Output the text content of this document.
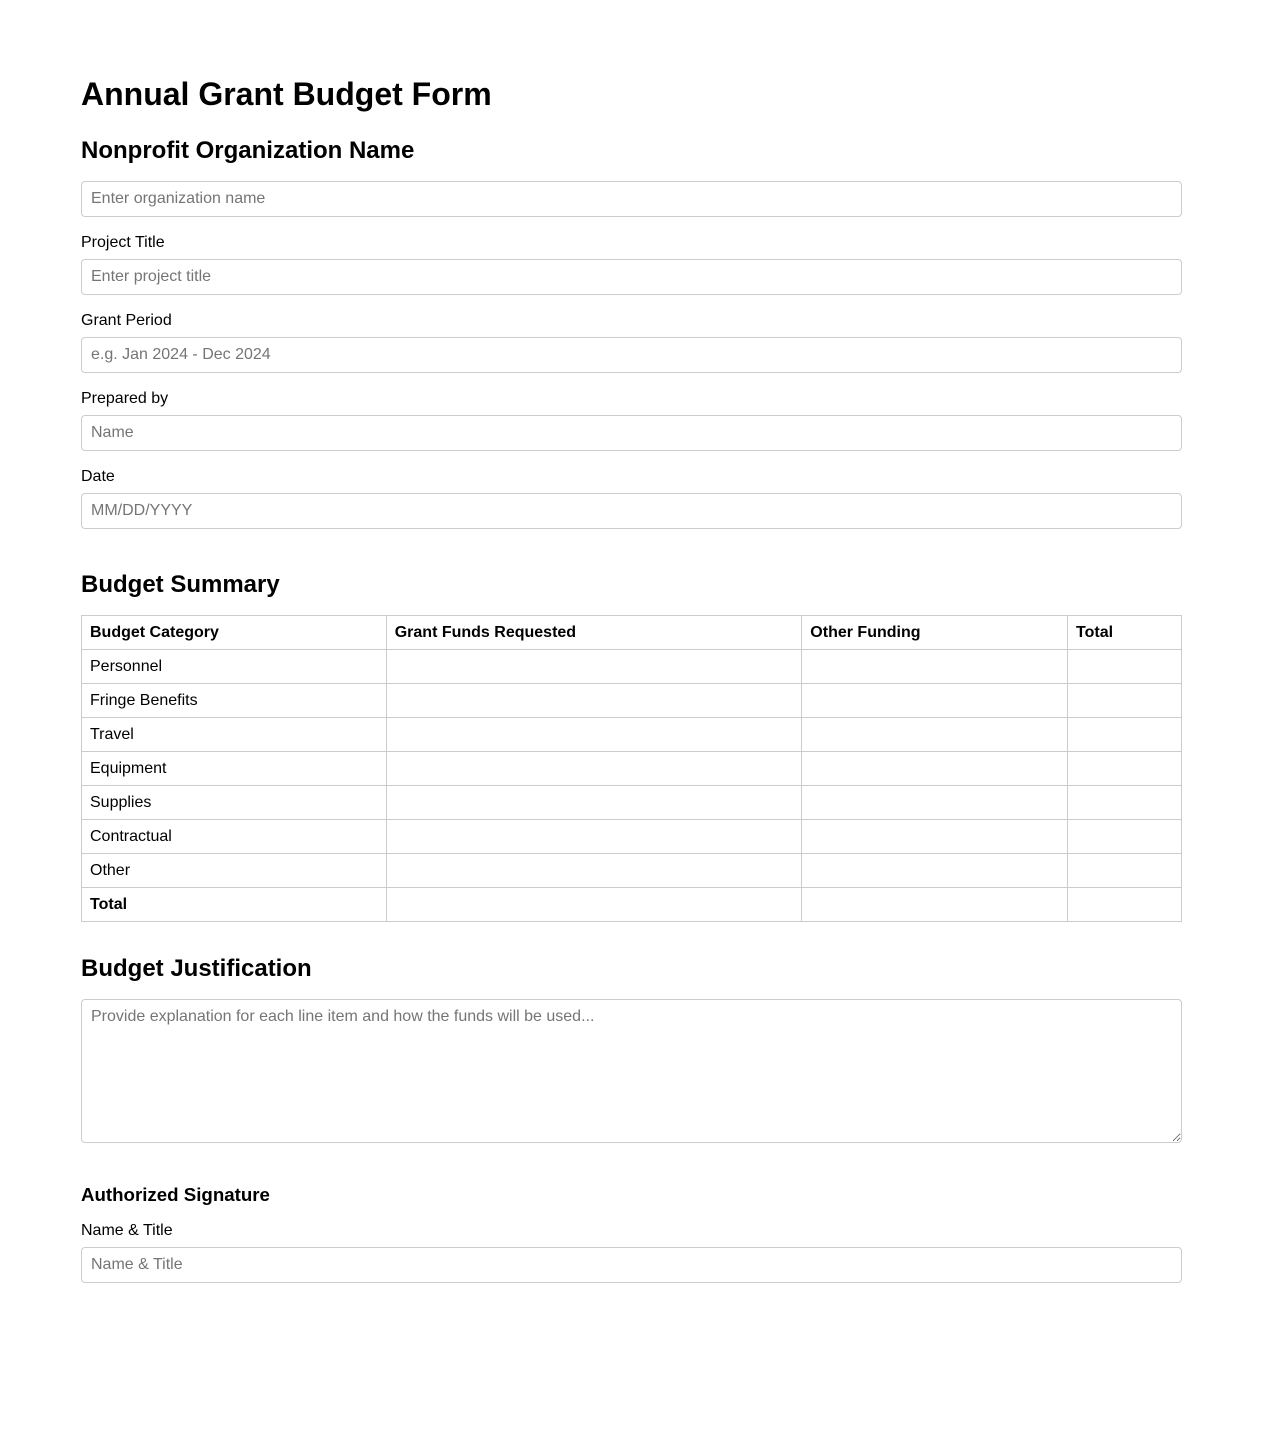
Annual Grant Budget Form
Nonprofit Organization Name
Enter organization name
Project Title
Enter project title
Grant Period
e.g. Jan 2024 - Dec 2024
Prepared by
Name
Date
MM/DD/YYYY
Budget Summary
Budget Category	Grant Funds Requested	Other Funding	Total
Personnel			
Fringe Benefits			
Travel			
Equipment			
Supplies			
Contractual			
Other			
Total			
Budget Justification
Provide explanation for each line item and how the funds will be used...
Authorized Signature
Name & Title
Name & Title
